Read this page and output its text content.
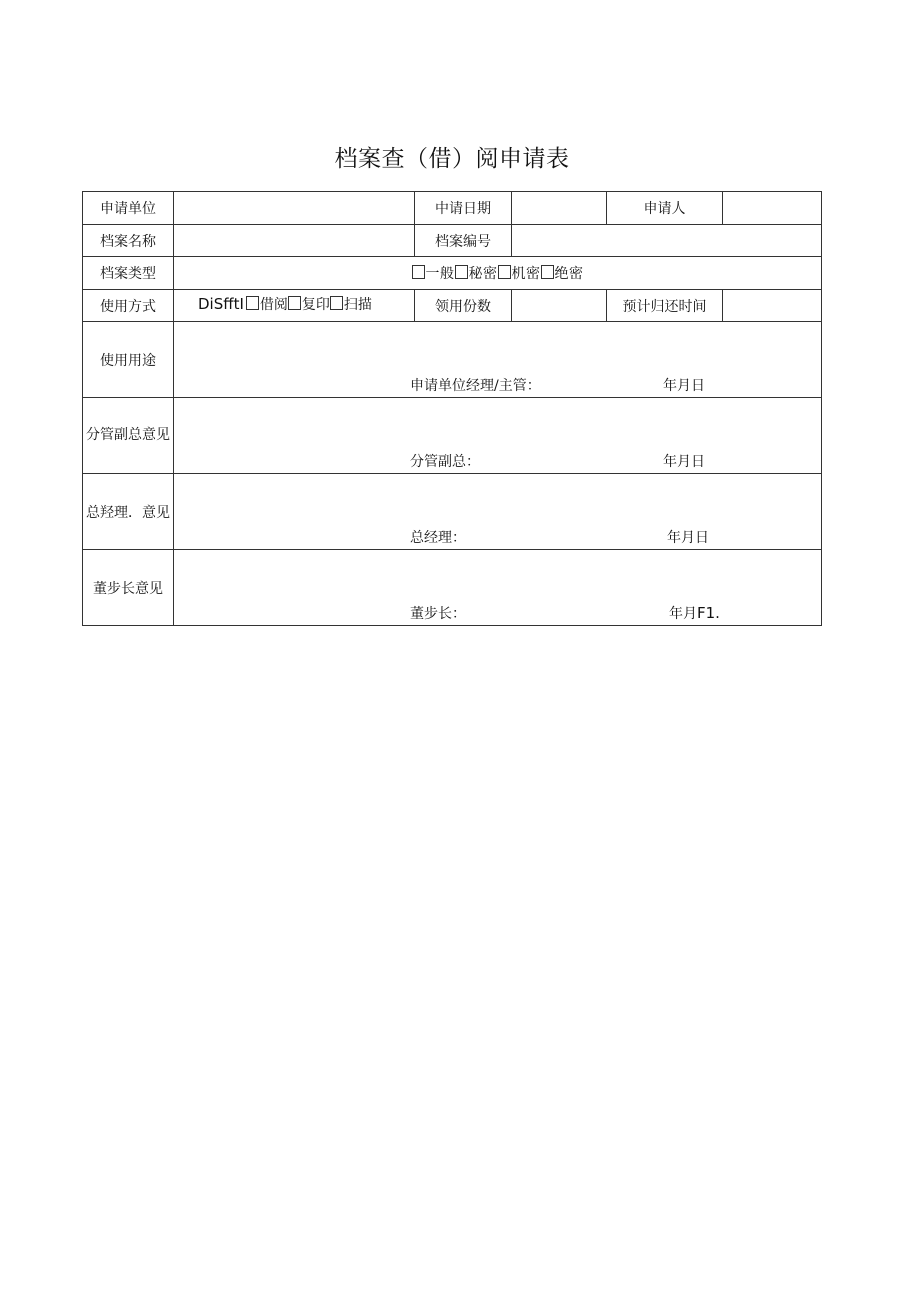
档案查（借）阅申请表
申请单位		中请日期		申请人	

档案名称		档案编号			

档案类型	一般 秘密 机密 绝密				
使用方式	DiSfftI 借阅 复印 扫描	领用份数		预计归还时间	

使用用途	申请单位经理/主管： 年月日				

分管副总意见	分管副总： 年月日				

总羟理．意见	总经理： 年月日				

董步长意见	董步长： 年月F1.				
